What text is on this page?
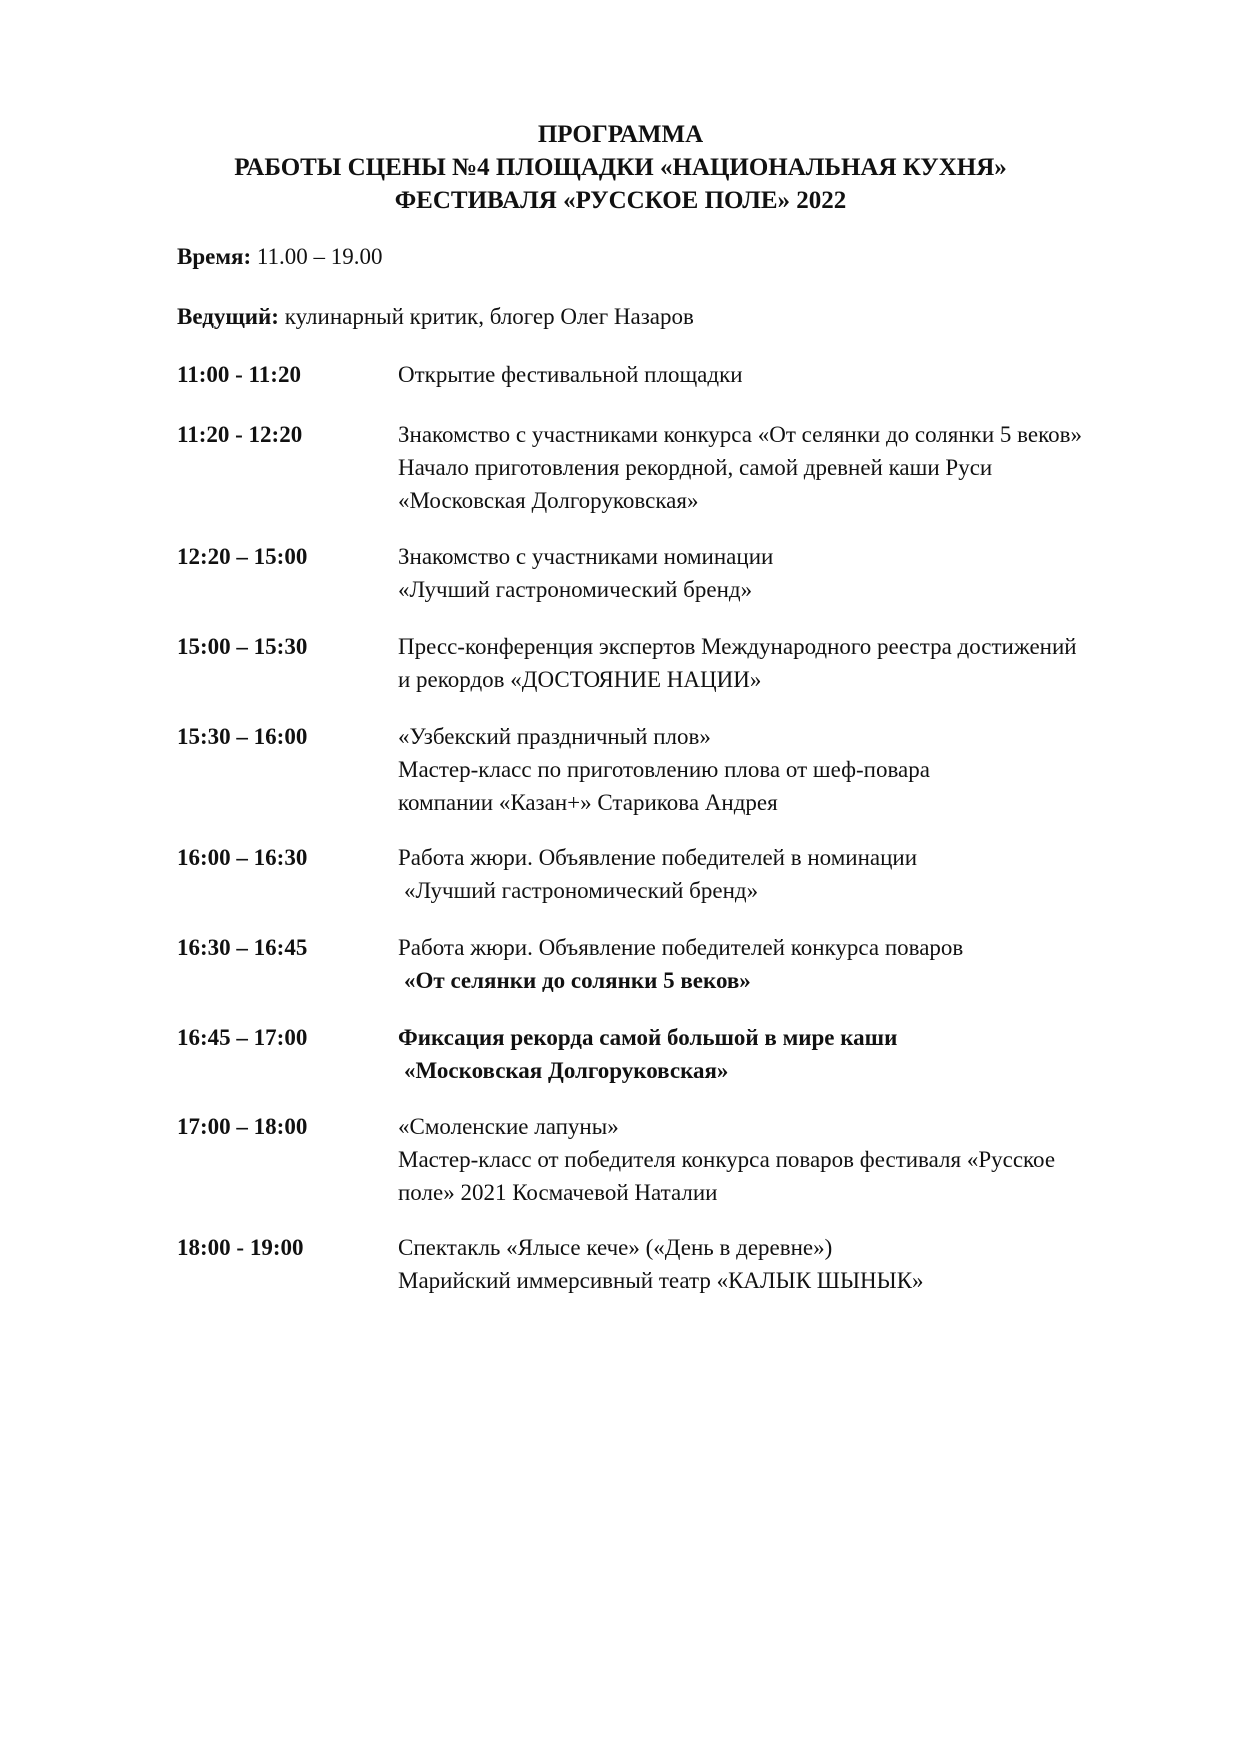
ПРОГРАММА
РАБОТЫ СЦЕНЫ №4 ПЛОЩАДКИ «НАЦИОНАЛЬНАЯ КУХНЯ»
ФЕСТИВАЛЯ «РУССКОЕ ПОЛЕ» 2022
Время: 11.00 – 19.00
Ведущий: кулинарный критик, блогер Олег Назаров
11:00 - 11:20	Открытие фестивальной площадки
11:20 - 12:20	Знакомство с участниками конкурса «От селянки до солянки 5 веков»
Начало приготовления рекордной, самой древней каши Руси
«Московская Долгоруковская»
12:20 – 15:00	Знакомство с участниками номинации
«Лучший гастрономический бренд»
15:00 – 15:30	Пресс-конференция экспертов Международного реестра достижений
и рекордов «ДОСТОЯНИЕ НАЦИИ»
15:30 – 16:00	«Узбекский праздничный плов»
Мастер-класс по приготовлению плова от шеф-повара
компании «Казан+» Старикова Андрея
16:00 – 16:30	Работа жюри. Объявление победителей в номинации
«Лучший гастрономический бренд»
16:30 – 16:45	Работа жюри. Объявление победителей конкурса поваров
«От селянки до солянки 5 веков»
16:45 – 17:00	Фиксация рекорда самой большой в мире каши
«Московская Долгоруковская»
17:00 – 18:00	«Смоленские лапуны»
Мастер-класс от победителя конкурса поваров фестиваля «Русское
поле» 2021 Космачевой Наталии
18:00 - 19:00	Спектакль «Ялысе кече» («День в деревне»)
Марийский иммерсивный театр «КАЛЫК ШЫНЫК»
